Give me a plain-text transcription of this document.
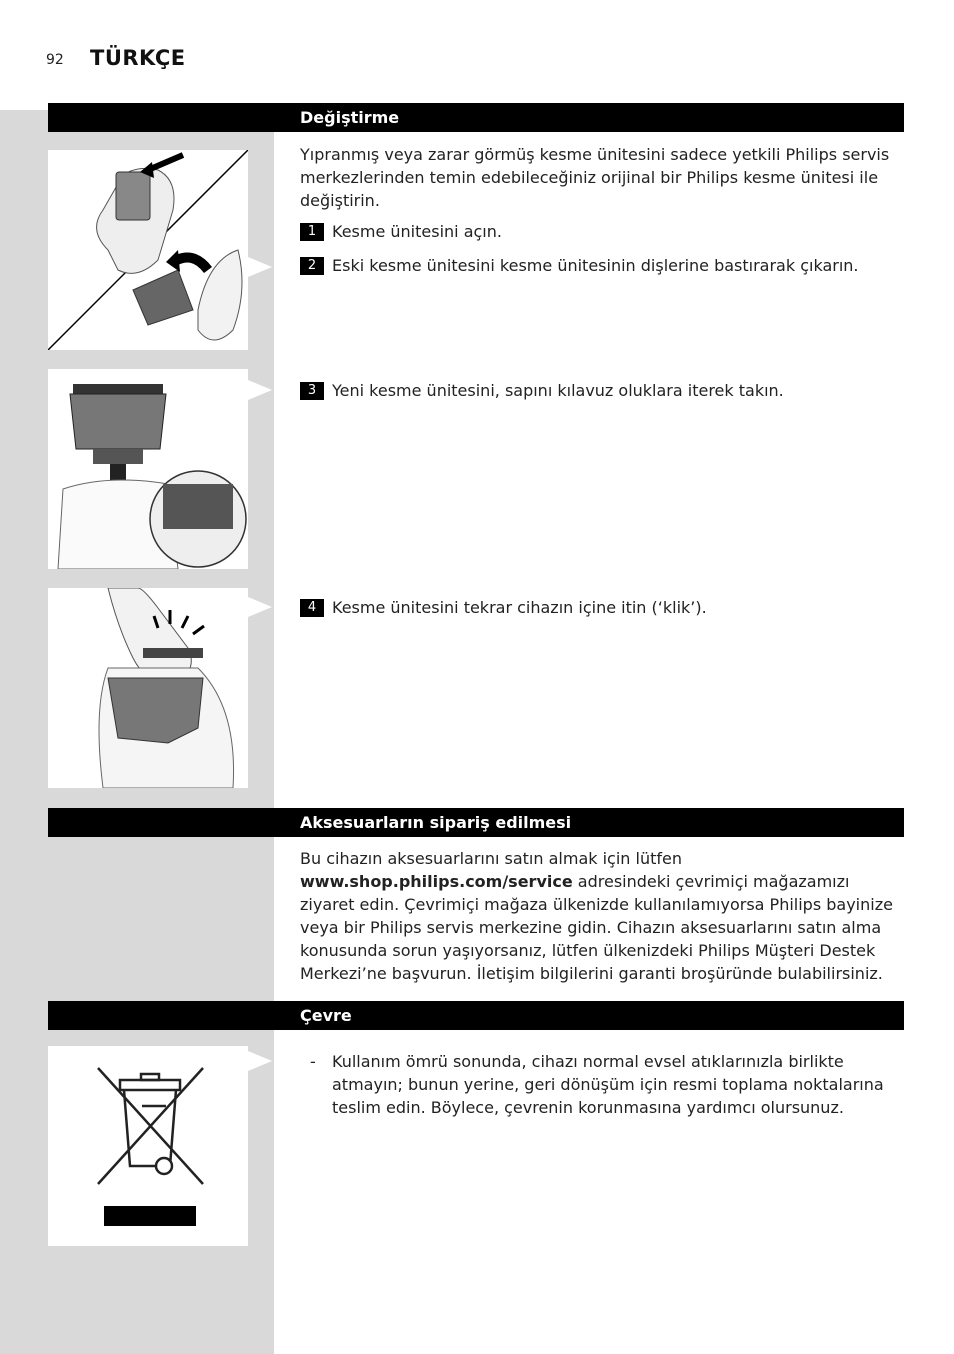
92 TÜRKÇE
Değiştirme
Yıpranmış veya zarar görmüş kesme ünitesini sadece yetkili Philips servis merkezlerinden temin edebileceğiniz orijinal bir Philips kesme ünitesi ile değiştirin.
1 Kesme ünitesini açın.
2 Eski kesme ünitesini kesme ünitesinin dişlerine bastırarak çıkarın.
3 Yeni kesme ünitesini, sapını kılavuz oluklara iterek takın.
4 Kesme ünitesini tekrar cihazın içine itin (‘klik’).
Aksesuarların sipariş edilmesi
Bu cihazın aksesuarlarını satın almak için lütfen www.shop.philips.com/service adresindeki çevrimiçi mağazamızı ziyaret edin. Çevrimiçi mağaza ülkenizde kullanılamıyorsa Philips bayinize veya bir Philips servis merkezine gidin. Cihazın aksesuarlarını satın alma konusunda sorun yaşıyorsanız, lütfen ülkenizdeki Philips Müşteri Destek Merkezi’ne başvurun. İletişim bilgilerini garanti broşüründe bulabilirsiniz.
Çevre
- Kullanım ömrü sonunda, cihazı normal evsel atıklarınızla birlikte atmayın; bunun yerine, geri dönüşüm için resmi toplama noktalarına teslim edin. Böylece, çevrenin korunmasına yardımcı olursunuz.
